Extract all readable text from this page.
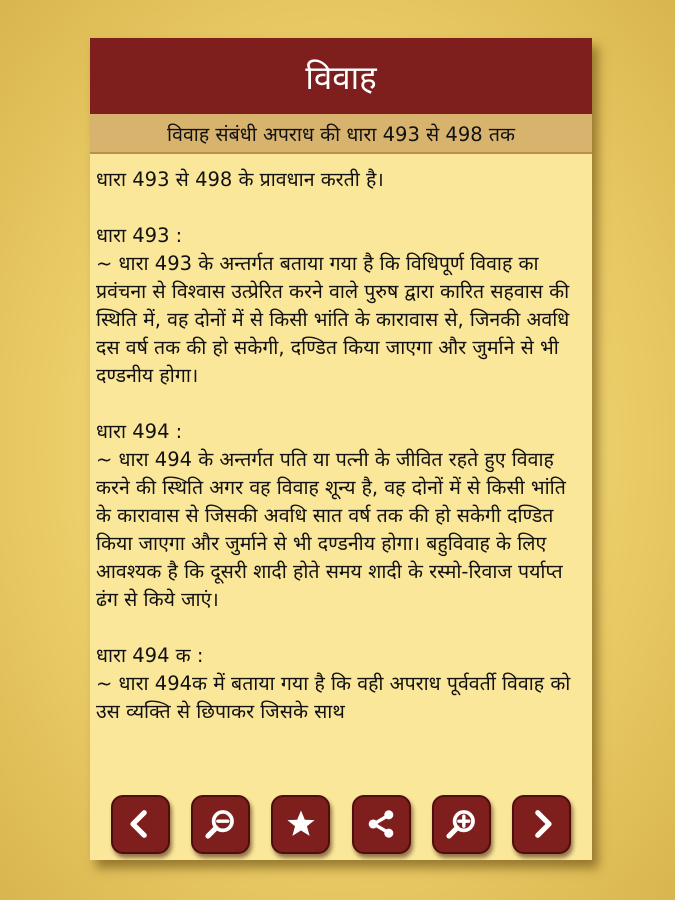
विवाह
विवाह संबंधी अपराध की धारा 493 से 498 तक

धारा 493 से 498 के प्रावधान करती है।

धारा 493 :
~ धारा 493 के अन्तर्गत बताया गया है कि विधिपूर्ण विवाह का प्रवंचना से विश्वास उत्प्रेरित करने वाले पुरुष द्वारा कारित सहवास की स्थिति में, वह दोनों में से किसी भांति के कारावास से, जिनकी अवधि दस वर्ष तक की हो सकेगी, दण्डित किया जाएगा और जुर्माने से भी दण्डनीय होगा।

धारा 494 :
~ धारा 494 के अन्तर्गत पति या पत्नी के जीवित रहते हुए विवाह करने की स्थिति अगर वह विवाह शून्य है, वह दोनों में से किसी भांति के कारावास से जिसकी अवधि सात वर्ष तक की हो सकेगी दण्डित किया जाएगा और जुर्माने से भी दण्डनीय होगा। बहुविवाह के लिए आवश्यक है कि दूसरी शादी होते समय शादी के रस्मो-रिवाज पर्याप्त ढंग से किये जाएं।

धारा 494 क :
~ धारा 494क में बताया गया है कि वही अपराध पूर्ववर्ती विवाह को उस व्यक्ति से छिपाकर जिसके साथ
